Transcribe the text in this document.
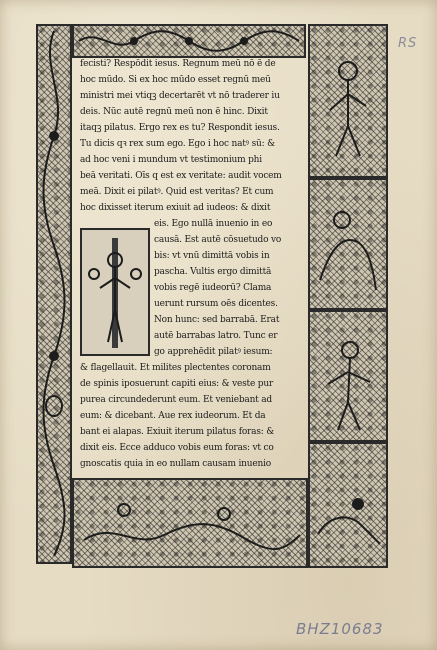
RS
fecisti? Respōdit iesus. Regnum meū nō ē de
hoc mūdo. Si ex hoc mūdo esset regnū meū
ministri mei vtiqꝫ decertarēt vt nō traderer iu
deis. Nūc autē regnū meū non ē hinc. Dixit
itaqꝫ pilatus. Ergo rex es tu? Respondit iesus.
Tu dicis qꝛ rex sum ego. Ego i hoc natꝰ sū: &
ad hoc veni i mundum vt testimonium phi
beā veritati. Oīs q est ex veritate: audit vocem
meā. Dixit ei pilatꝰ. Quid est veritas? Et cum
hoc dixisset iterum exiuit ad iudeos: & dixit
eis. Ego nullā inuenio in eo
causā. Est autē cōsuetudo vo
bis: vt vnū dimittā vobis in
pascha. Vultis ergo dimittā
vobis regē iudeorū? Clama
uerunt rursum oēs dicentes.
Non hunc: sed barrabā. Erat
autē barrabas latro. Tunc er
go apprehēdit pilatꝰ iesum:
& flagellauit. Et milites plectentes coronam
de spinis iposuerunt capiti eius: & veste pur
purea circundederunt eum. Et veniebant ad
eum: & dicebant. Aue rex iudeorum. Et da
bant ei alapas. Exiuit iterum pilatus foras: &
dixit eis. Ecce adduco vobis eum foras: vt co
gnoscatis quia in eo nullam causam inuenio
BHZ10683
